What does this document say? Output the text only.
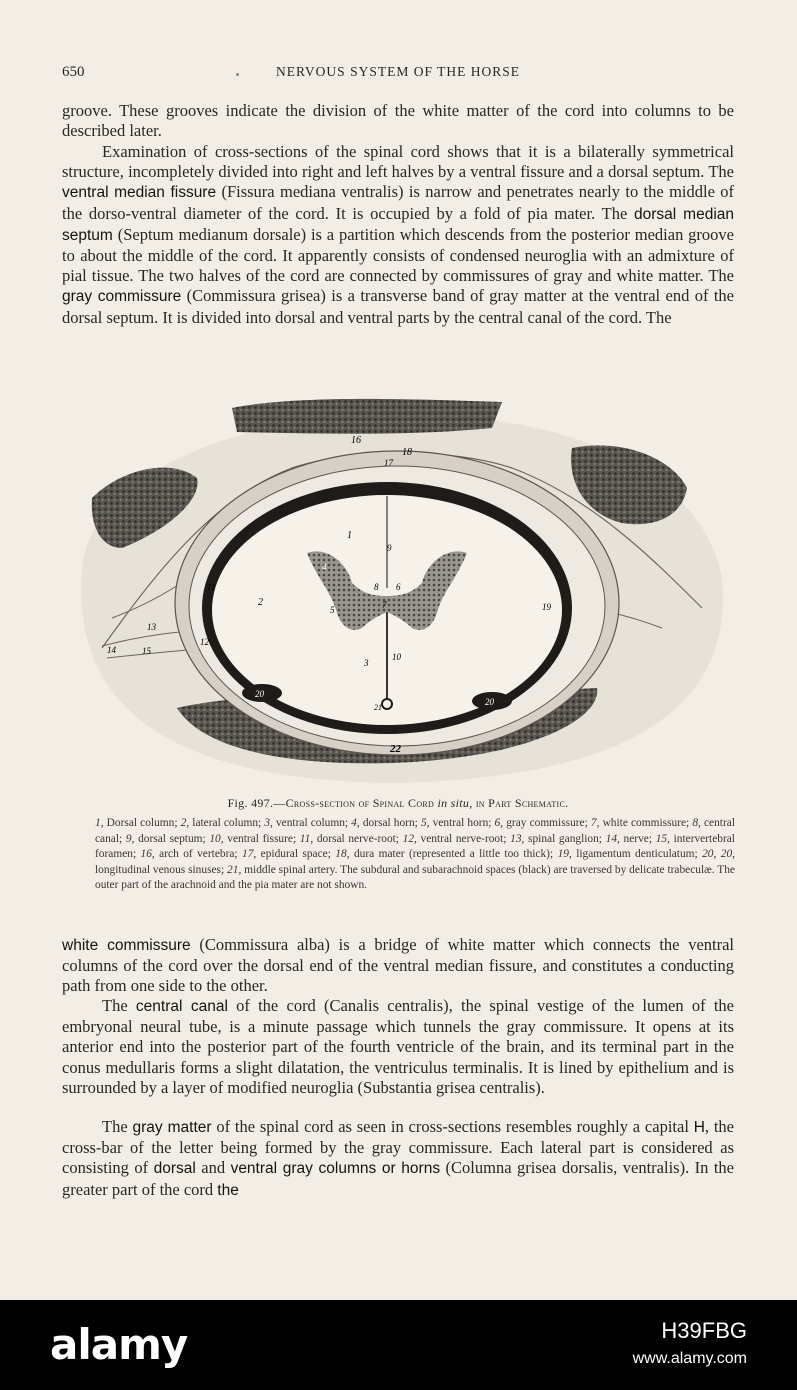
650	NERVOUS SYSTEM OF THE HORSE

groove. These grooves indicate the division of the white matter of the cord into columns to be described later.

Examination of cross-sections of the spinal cord shows that it is a bilaterally symmetrical structure, incompletely divided into right and left halves by a ventral fissure and a dorsal septum. The ventral median fissure (Fissura mediana ventralis) is narrow and penetrates nearly to the middle of the dorso-ventral diameter of the cord. It is occupied by a fold of pia mater. The dorsal median septum (Septum medianum dorsale) is a partition which descends from the posterior median groove to about the middle of the cord. It apparently consists of condensed neuroglia with an admixture of pial tissue. The two halves of the cord are connected by commissures of gray and white matter. The gray commissure (Commissura grisea) is a transverse band of gray matter at the ventral end of the dorsal septum. It is divided into dorsal and ventral parts by the central canal of the cord. The

16
18
17
1
9
4
8 6
7
2
5
11
19
13
12
14	15
10
3
20
20
21
22
Fig. 497.—Cross-section of Spinal Cord in situ, in Part Schematic.

1, Dorsal column; 2, lateral column; 3, ventral column; 4, dorsal horn; 5, ventral horn; 6, gray commissure; 7, white commissure; 8, central canal; 9, dorsal septum; 10, ventral fissure; 11, dorsal nerve-root; 12, ventral nerve-root; 13, spinal ganglion; 14, nerve; 15, intervertebral foramen; 16, arch of vertebra; 17, epidural space; 18, dura mater (represented a little too thick); 19, ligamentum denticulatum; 20, 20, longitudinal venous sinuses; 21, middle spinal artery. The subdural and subarachnoid spaces (black) are traversed by delicate trabeculæ. The outer part of the arachnoid and the pia mater are not shown.

white commissure (Commissura alba) is a bridge of white matter which connects the ventral columns of the cord over the dorsal end of the ventral median fissure, and constitutes a conducting path from one side to the other.

The central canal of the cord (Canalis centralis), the spinal vestige of the lumen of the embryonal neural tube, is a minute passage which tunnels the gray commissure. It opens at its anterior end into the posterior part of the fourth ventricle of the brain, and its terminal part in the conus medullaris forms a slight dilatation, the ventriculus terminalis. It is lined by epithelium and is surrounded by a layer of modified neuroglia (Substantia grisea centralis).

The gray matter of the spinal cord as seen in cross-sections resembles roughly a capital H, the cross-bar of the letter being formed by the gray commissure. Each lateral part is considered as consisting of dorsal and ventral gray columns or horns (Columna grisea dorsalis, ventralis). In the greater part of the cord the

alamy	H39FBG
www.alamy.com
